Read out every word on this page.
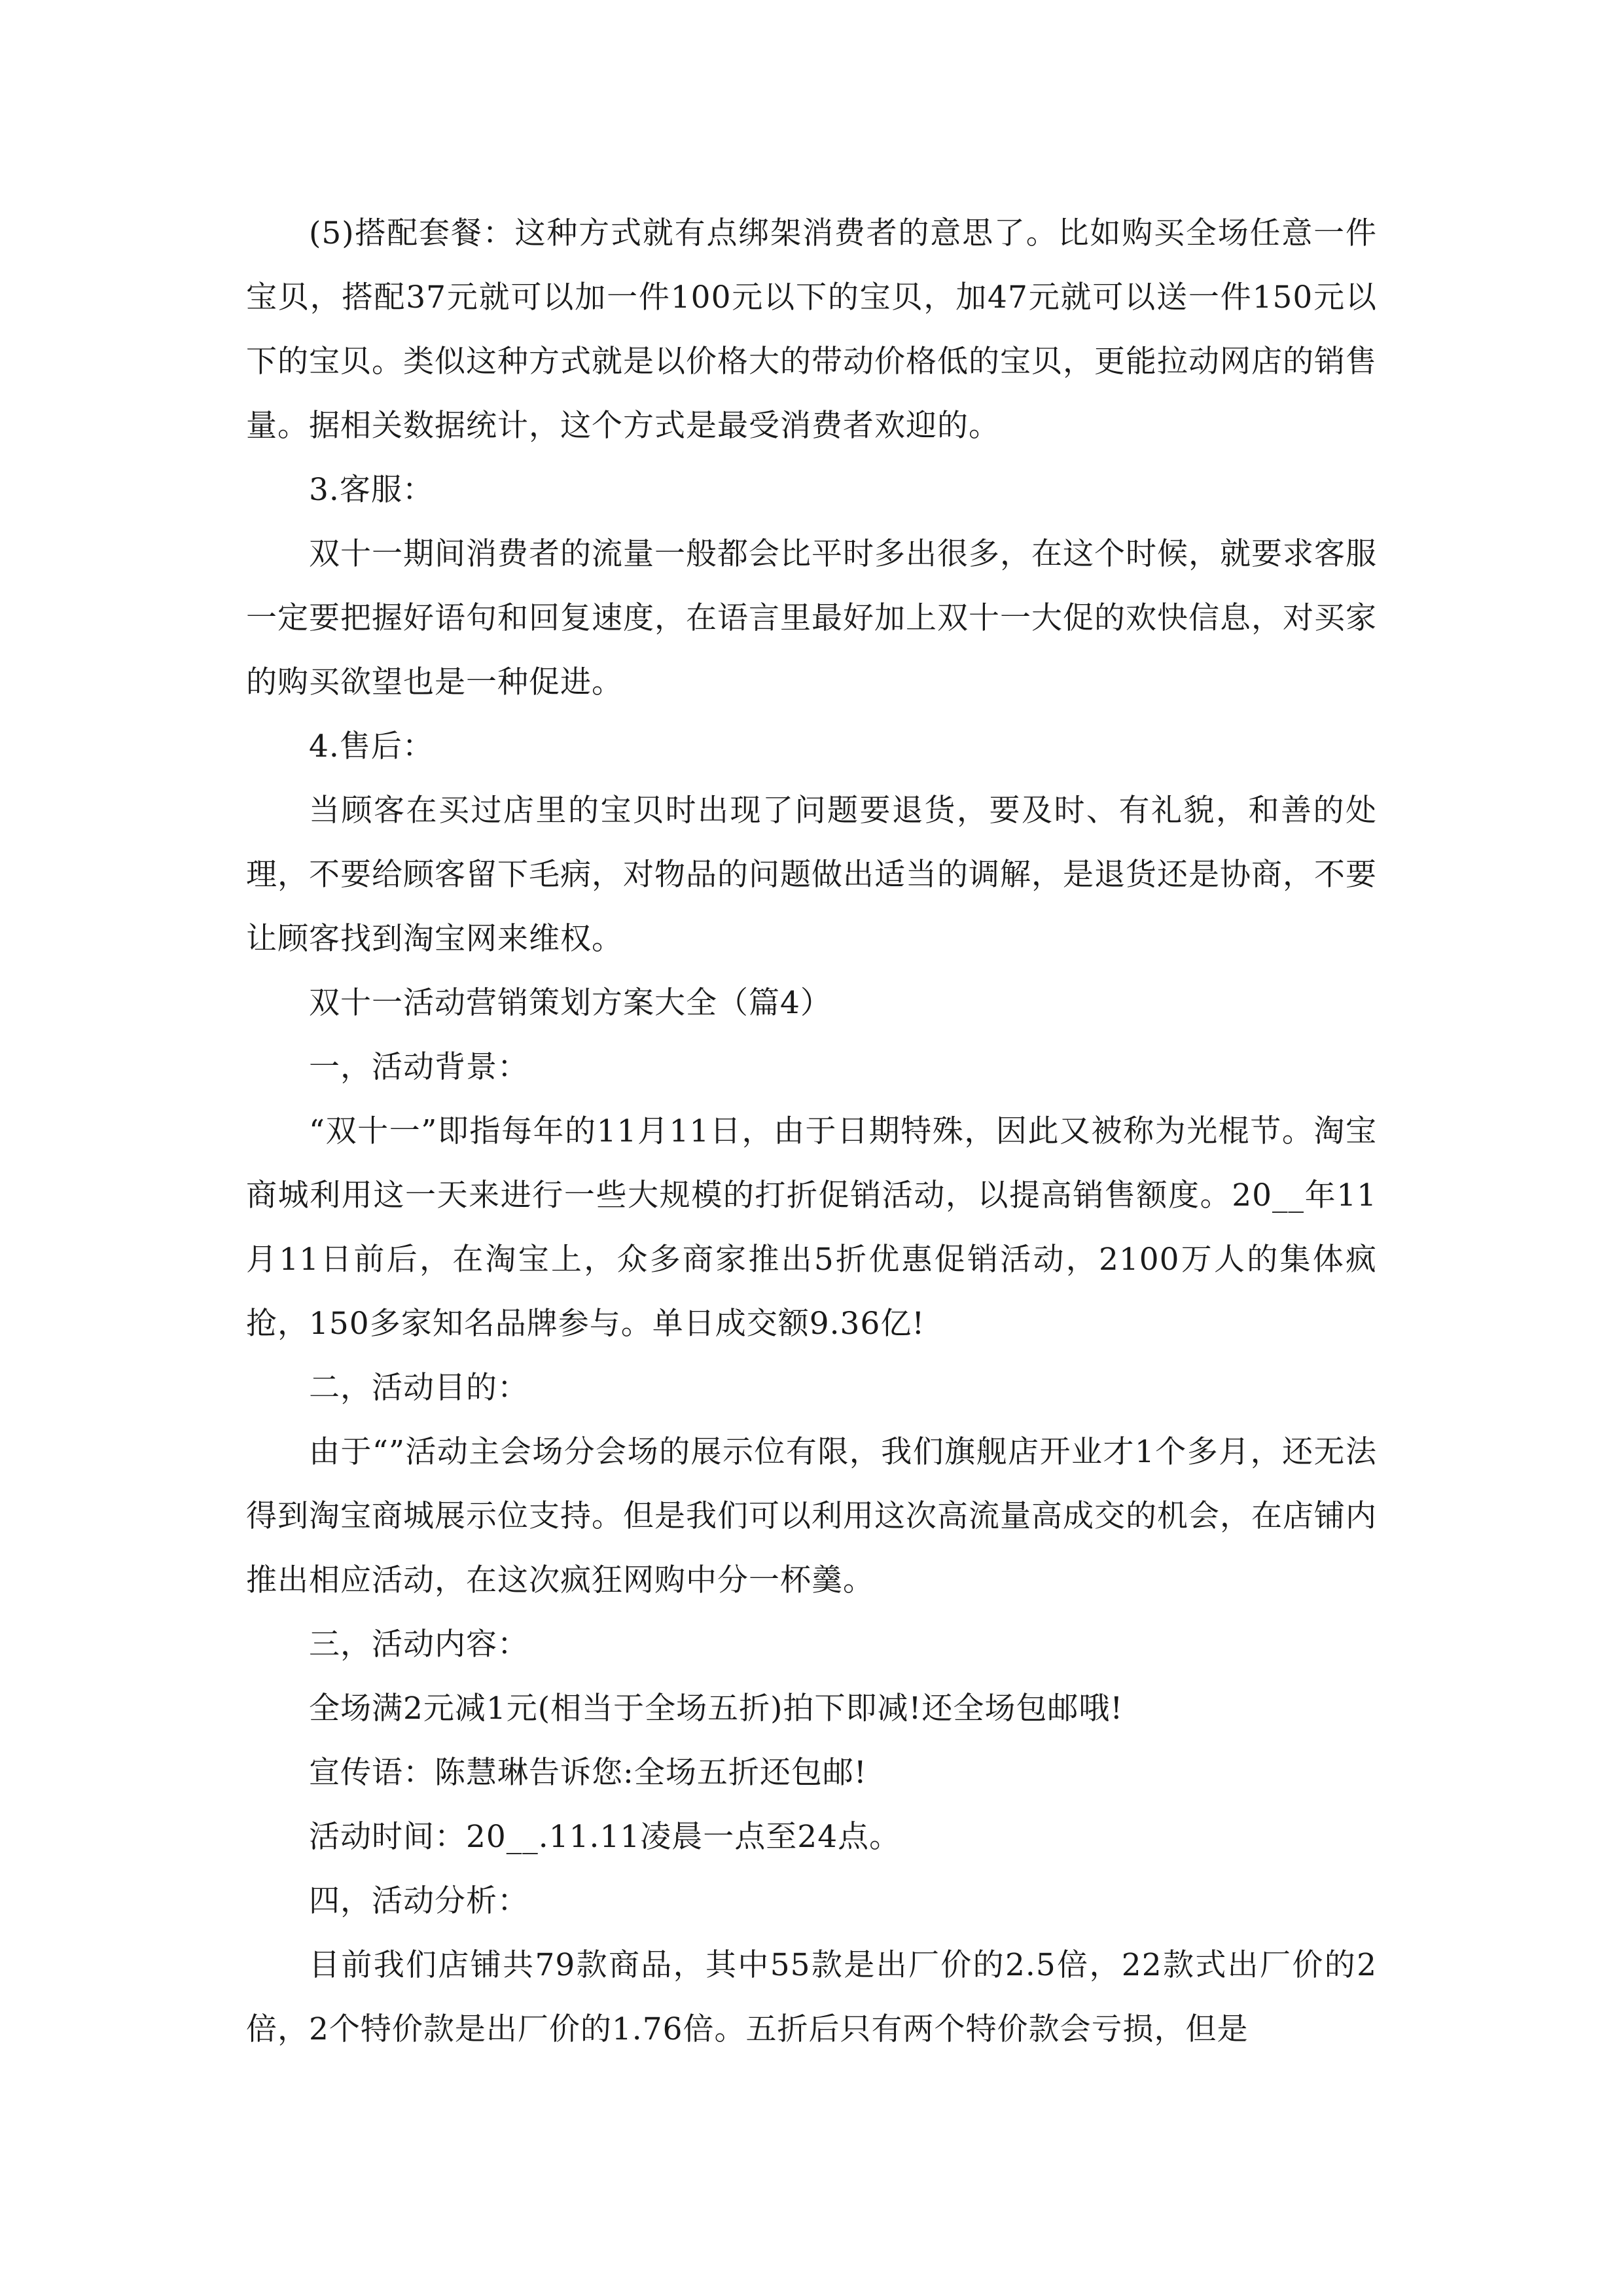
(5)搭配套餐：这种方式就有点绑架消费者的意思了。比如购买全场任意一件宝贝，搭配37元就可以加一件100元以下的宝贝，加47元就可以送一件150元以下的宝贝。类似这种方式就是以价格大的带动价格低的宝贝，更能拉动网店的销售量。据相关数据统计，这个方式是最受消费者欢迎的。

3.客服：

双十一期间消费者的流量一般都会比平时多出很多，在这个时候，就要求客服一定要把握好语句和回复速度，在语言里最好加上双十一大促的欢快信息，对买家的购买欲望也是一种促进。

4.售后：

当顾客在买过店里的宝贝时出现了问题要退货，要及时、有礼貌，和善的处理，不要给顾客留下毛病，对物品的问题做出适当的调解，是退货还是协商，不要让顾客找到淘宝网来维权。

双十一活动营销策划方案大全（篇4）

一，活动背景：

“双十一”即指每年的11月11日，由于日期特殊，因此又被称为光棍节。淘宝商城利用这一天来进行一些大规模的打折促销活动，以提高销售额度。20__年11月11日前后，在淘宝上，众多商家推出5折优惠促销活动，2100万人的集体疯抢，150多家知名品牌参与。单日成交额9.36亿!

二，活动目的：

由于“”活动主会场分会场的展示位有限，我们旗舰店开业才1个多月，还无法得到淘宝商城展示位支持。但是我们可以利用这次高流量高成交的机会，在店铺内推出相应活动，在这次疯狂网购中分一杯羹。

三，活动内容：

全场满2元减1元(相当于全场五折)拍下即减!还全场包邮哦!

宣传语：陈慧琳告诉您:全场五折还包邮!

活动时间：20__.11.11凌晨一点至24点。

四，活动分析：

目前我们店铺共79款商品，其中55款是出厂价的2.5倍，22款式出厂价的2倍，2个特价款是出厂价的1.76倍。五折后只有两个特价款会亏损，但是
